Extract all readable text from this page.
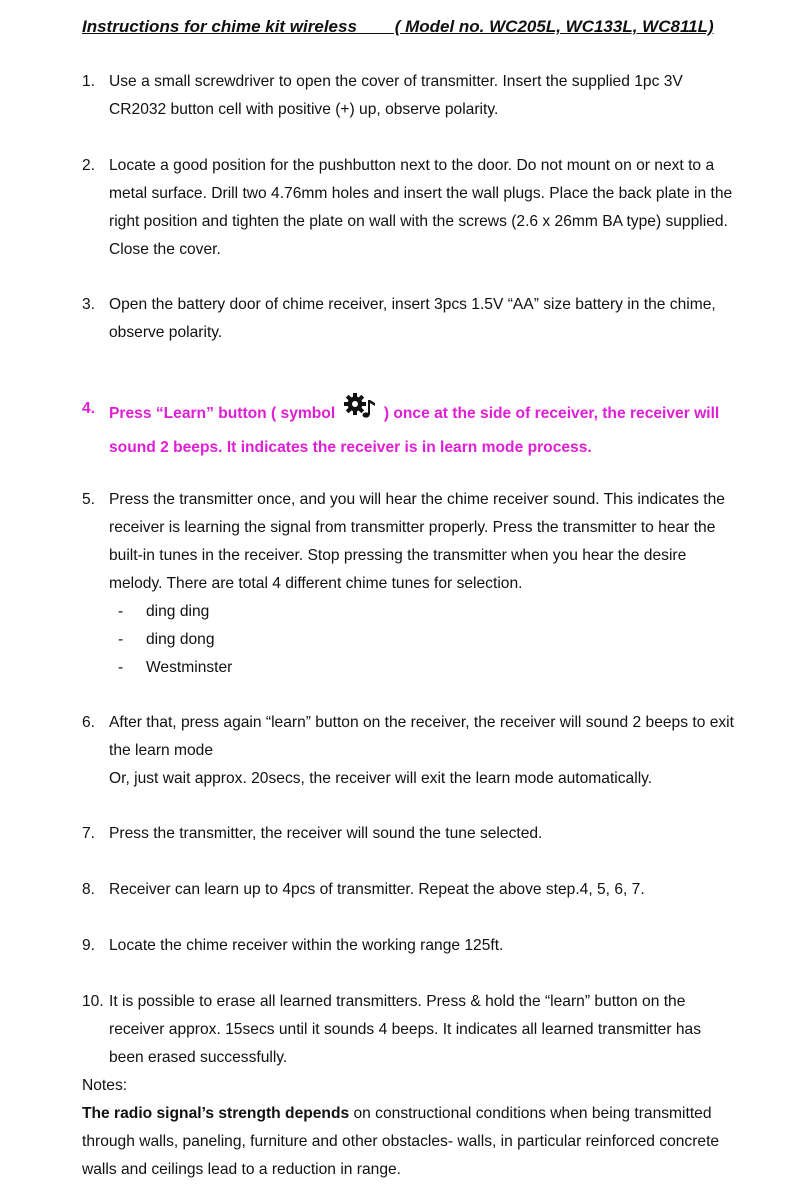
Instructions for chime kit wireless        ( Model no. WC205L, WC133L, WC811L)
1. Use a small screwdriver to open the cover of transmitter. Insert the supplied 1pc 3V
CR2032 button cell with positive (+) up, observe polarity.
2. Locate a good position for the pushbutton next to the door. Do not mount on or next to a
metal surface. Drill two 4.76mm holes and insert the wall plugs. Place the back plate in the
right position and tighten the plate on wall with the screws (2.6 x 26mm BA type) supplied.
Close the cover.
3. Open the battery door of chime receiver, insert 3pcs 1.5V “AA” size battery in the chime,
observe polarity.
4. Press “Learn” button ( symbol	) once at the side of receiver, the receiver will
sound 2 beeps. It indicates the receiver is in learn mode process.
5. Press the transmitter once, and you will hear the chime receiver sound. This indicates the
receiver is learning the signal from transmitter properly. Press the transmitter to hear the
built-in tunes in the receiver. Stop pressing the transmitter when you hear the desire
melody. There are total 4 different chime tunes for selection.
- ding ding
- ding dong
- Westminster
6. After that, press again “learn” button on the receiver, the receiver will sound 2 beeps to exit
the learn mode
Or, just wait approx. 20secs, the receiver will exit the learn mode automatically.
7. Press the transmitter, the receiver will sound the tune selected.
8. Receiver can learn up to 4pcs of transmitter. Repeat the above step.4, 5, 6, 7.
9. Locate the chime receiver within the working range 125ft.
10. It is possible to erase all learned transmitters. Press & hold the “learn” button on the
receiver approx. 15secs until it sounds 4 beeps. It indicates all learned transmitter has
been erased successfully.
Notes:
The radio signal’s strength depends on constructional conditions when being transmitted
through walls, paneling, furniture and other obstacles- walls, in particular reinforced concrete
walls and ceilings lead to a reduction in range.
